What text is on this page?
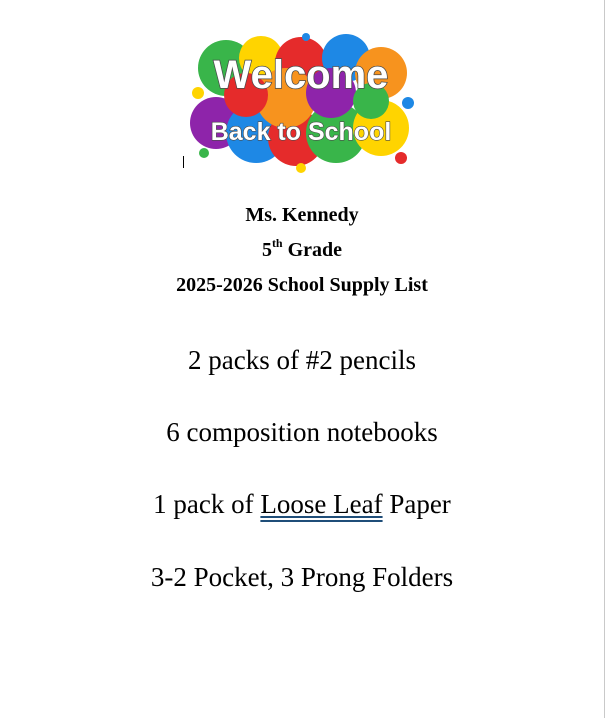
Welcome
Back to School
Ms. Kennedy
5th Grade
2025-2026 School Supply List
2 packs of #2 pencils
6 composition notebooks
1 pack of Loose Leaf Paper
3-2 Pocket, 3 Prong Folders
